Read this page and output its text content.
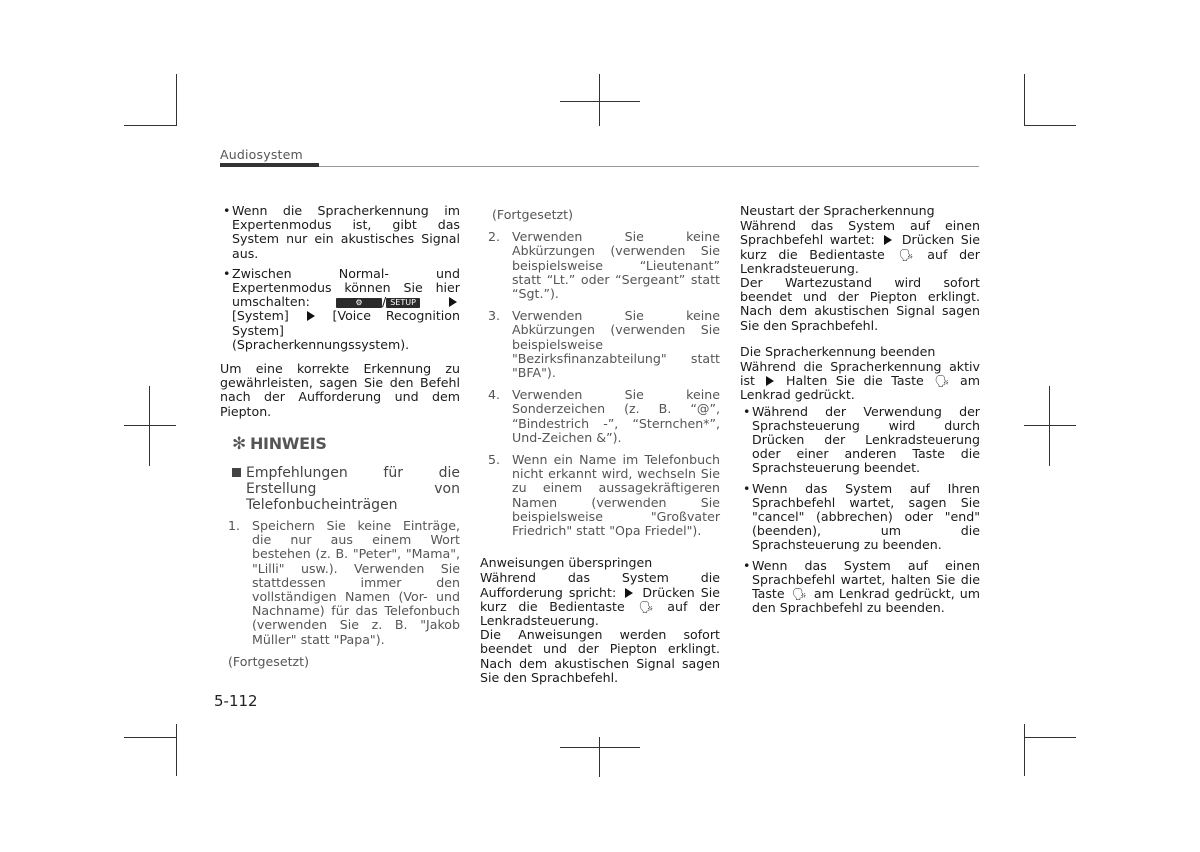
Audiosystem
• Wenn die Spracherkennung im Expertenmodus ist, gibt das System nur ein akustisches Signal aus.
• Zwischen Normal- und Expertenmodus können Sie hier umschalten:	⚙ / SETUP  [System]	[Voice Recognition System] (Spracherkennungssystem).

Um eine korrekte Erkennung zu gewährleisten, sagen Sie den Befehl nach der Aufforderung und dem Piepton.

✻ HINWEIS
Empfehlungen für die Erstellung von Telefonbucheinträgen
1. Speichern Sie keine Einträge, die nur aus einem Wort bestehen (z. B. "Peter", "Mama", "Lilli" usw.). Verwenden Sie stattdessen immer den vollständigen Namen (Vor- und Nachname) für das Telefonbuch (verwenden Sie z. B. "Jakob Müller" statt "Papa").
(Fortgesetzt)
(Fortgesetzt)
2. Verwenden Sie keine Abkürzungen (verwenden Sie beispielsweise “Lieutenant” statt “Lt.” oder “Sergeant” statt “Sgt.”).
3. Verwenden Sie keine Abkürzungen (verwenden Sie beispielsweise "Bezirksfinanzabteilung" statt "BFA").
4. Verwenden Sie keine Sonderzeichen (z. B. “@”, “Bindestrich -”, “Sternchen*”, Und-Zeichen &”).
5. Wenn ein Name im Telefonbuch nicht erkannt wird, wechseln Sie zu einem aussagekräftigeren Namen (verwenden Sie beispielsweise "Großvater Friedrich" statt "Opa Friedel").
Anweisungen überspringen
Während das System die Aufforderung spricht: Drücken Sie kurz die Bedientaste 🗣 auf der Lenkradsteuerung.
Die Anweisungen werden sofort beendet und der Piepton erklingt. Nach dem akustischen Signal sagen Sie den Sprachbefehl.
Neustart der Spracherkennung
Während das System auf einen Sprachbefehl wartet: Drücken Sie kurz die Bedientaste 🗣 auf der Lenkradsteuerung.
Der Wartezustand wird sofort beendet und der Piepton erklingt. Nach dem akustischen Signal sagen Sie den Sprachbefehl.
Die Spracherkennung beenden
Während die Spracherkennung aktiv ist Halten Sie die Taste 🗣 am Lenkrad gedrückt.
• Während der Verwendung der Sprachsteuerung wird durch Drücken der Lenkradsteuerung oder einer anderen Taste die Sprachsteuerung beendet.
• Wenn das System auf Ihren Sprachbefehl wartet, sagen Sie "cancel" (abbrechen) oder "end" (beenden), um die Sprachsteuerung zu beenden.
• Wenn das System auf einen Sprachbefehl wartet, halten Sie die Taste 🗣 am Lenkrad gedrückt, um den Sprachbefehl zu beenden.
5-112
